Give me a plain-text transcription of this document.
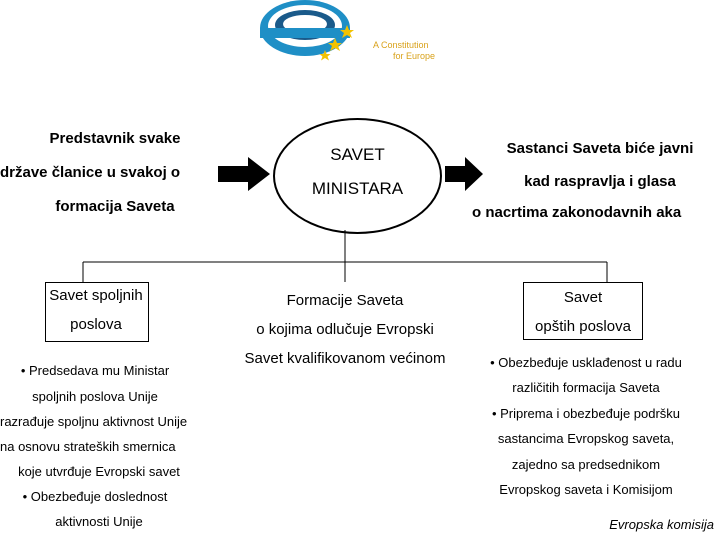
A Constitution
for Europe
Predstavnik svake
države članice u svakoj o
formacija Saveta
SAVET
MINISTARA
Sastanci Saveta biće javni
kad raspravlja i glasa
o nacrtima zakonodavnih aka
Savet spoljnih
poslova
Formacije Saveta
o kojima odlučuje Evropski
Savet kvalifikovanom većinom
Savet
opštih poslova
• Predsedava mu Ministar
spoljnih poslova Unije
razrađuje spoljnu aktivnost Unije
na osnovu strateških smernica
koje utvrđuje Evropski savet
• Obezbeđuje doslednost
aktivnosti Unije
• Obezbeđuje usklađenost u radu
različitih formacija Saveta
• Priprema i obezbeđuje podršku
sastancima Evropskog saveta,
zajedno sa predsednikom
Evropskog saveta i Komisijom
Evropska komisija
